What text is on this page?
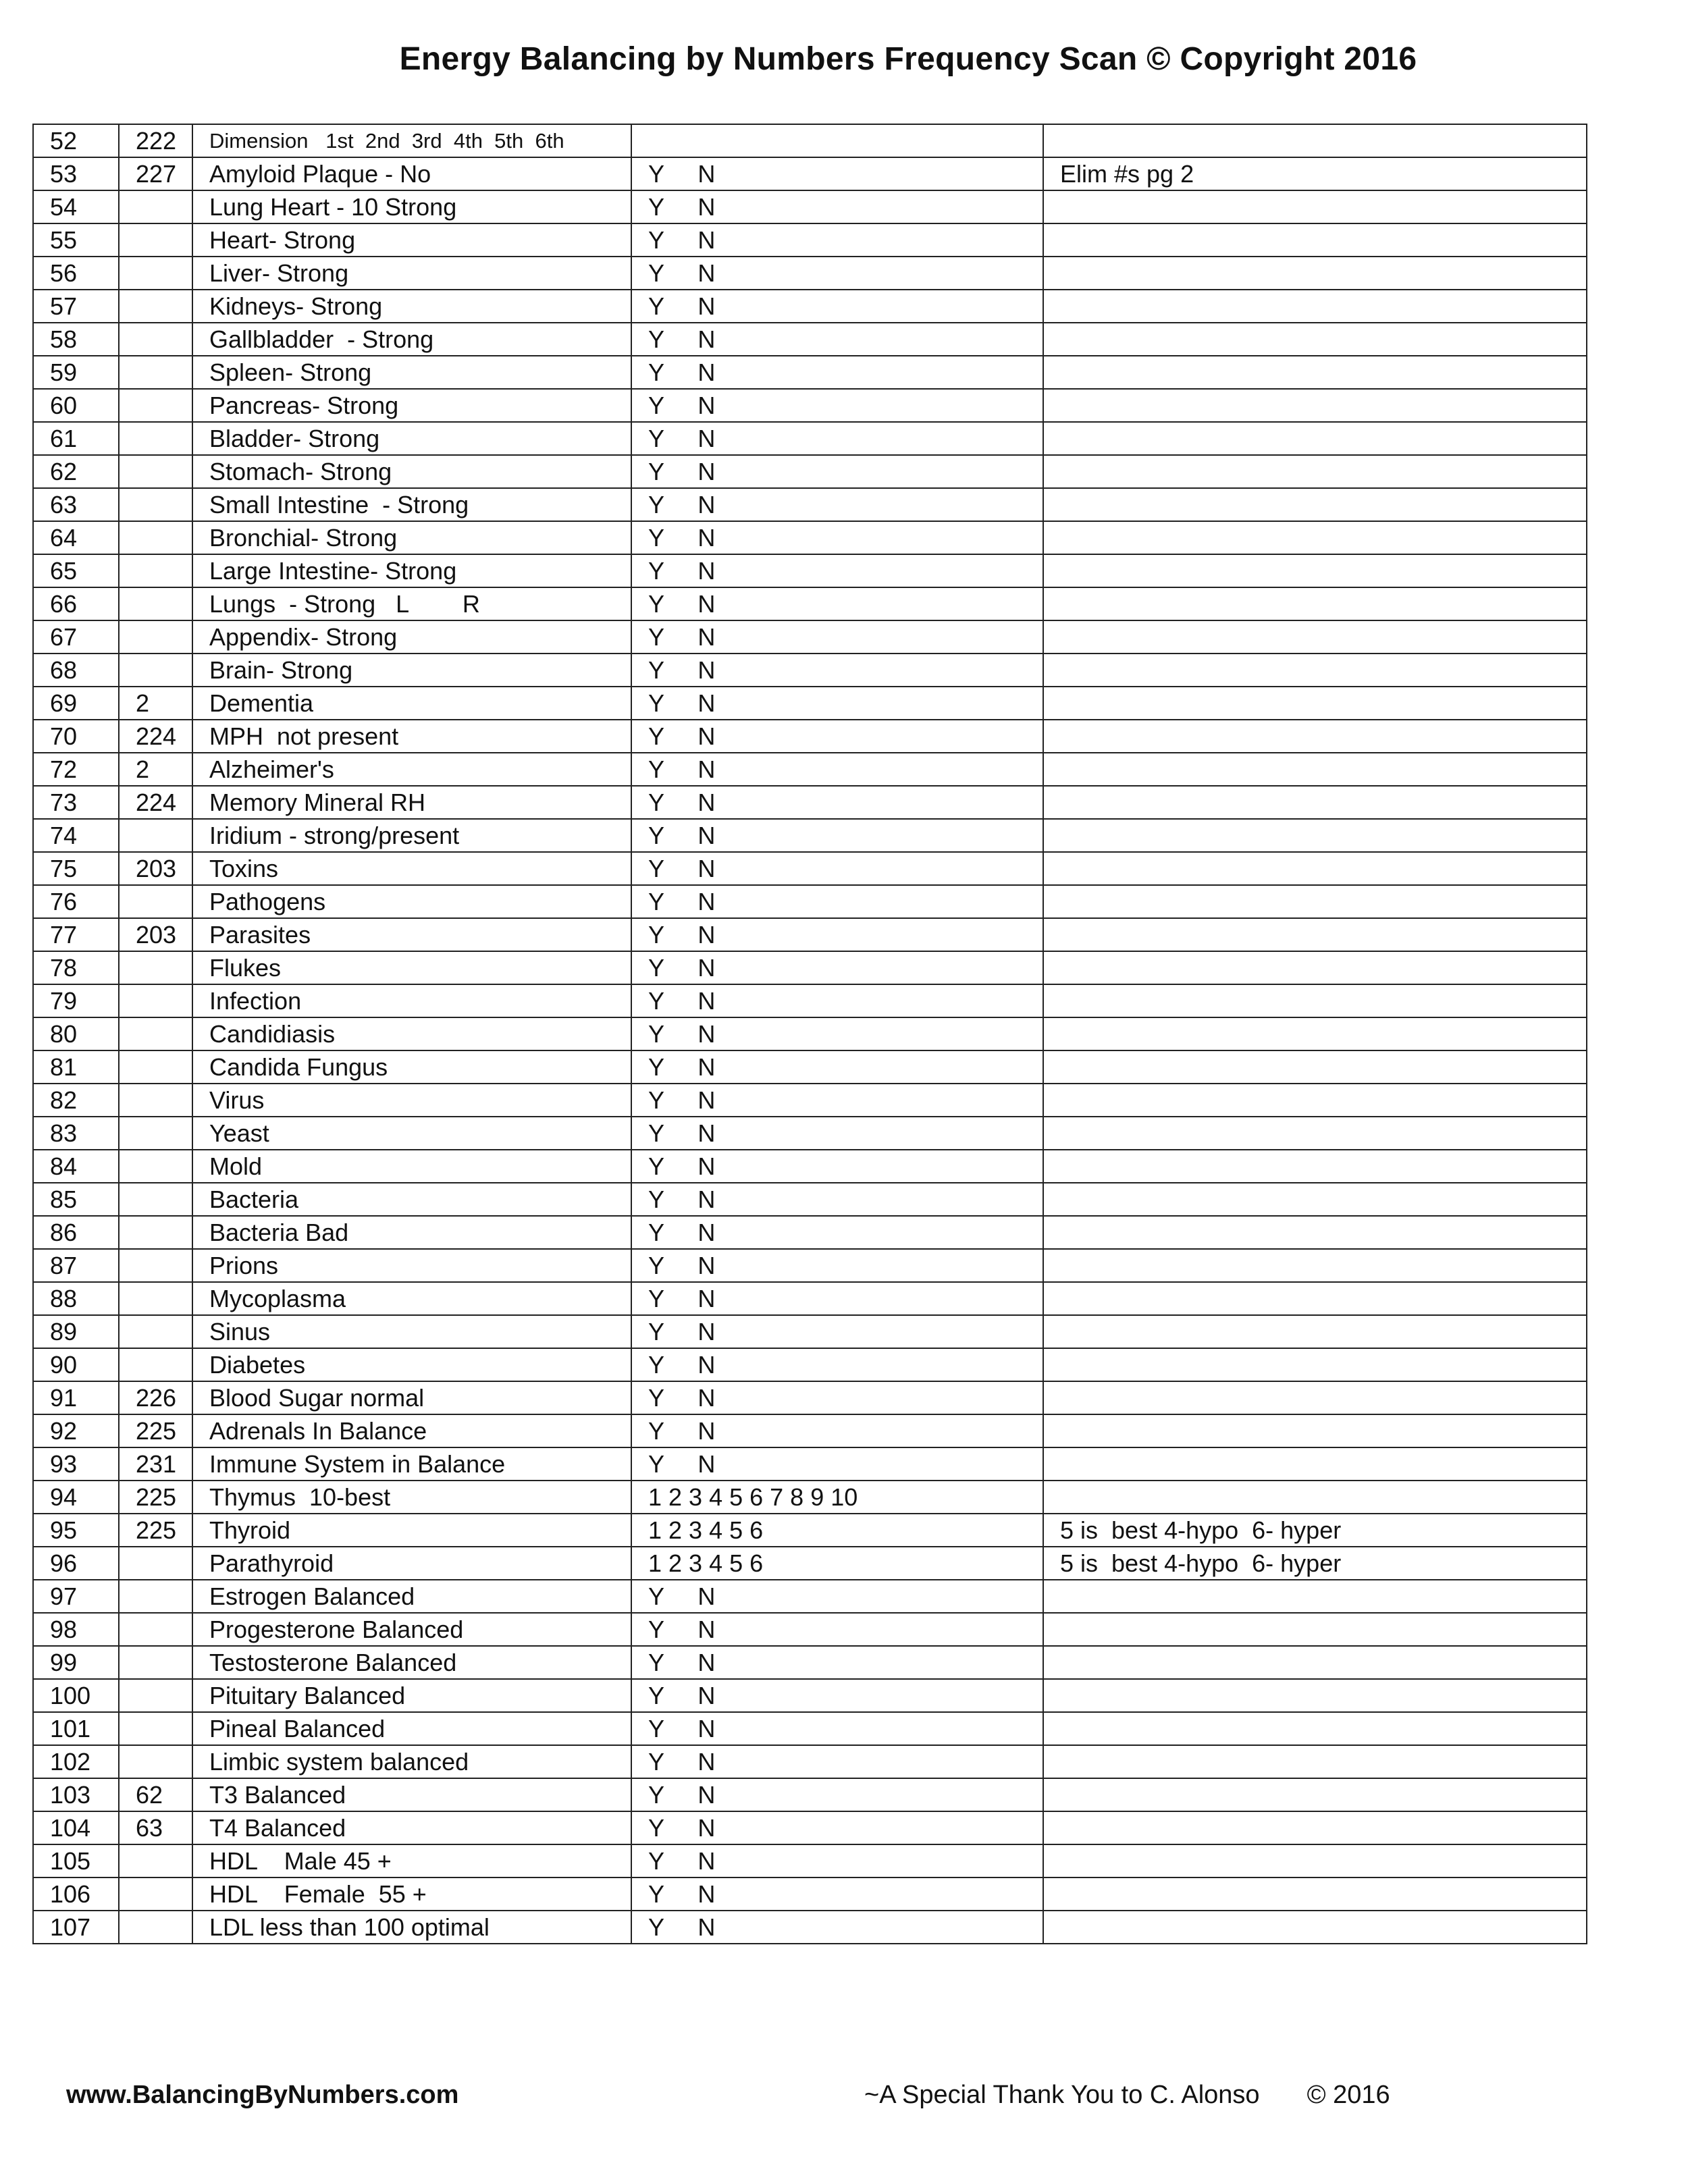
Energy Balancing by Numbers Frequency Scan © Copyright 2016
52	222	Dimension   1st  2nd  3rd  4th  5th  6th		
53	227	Amyloid Plaque - No	Y     N	Elim #s pg 2
54		Lung Heart - 10 Strong	Y     N	
55		Heart- Strong	Y     N	
56		Liver- Strong	Y     N	
57		Kidneys- Strong	Y     N	
58		Gallbladder  - Strong	Y     N	
59		Spleen- Strong	Y     N	
60		Pancreas- Strong	Y     N	
61		Bladder- Strong	Y     N	
62		Stomach- Strong	Y     N	
63		Small Intestine  - Strong	Y     N	
64		Bronchial- Strong	Y     N	
65		Large Intestine- Strong	Y     N	
66		Lungs  - Strong   L        R	Y     N	
67		Appendix- Strong	Y     N	
68		Brain- Strong	Y     N	
69	2	Dementia	Y     N	
70	224	MPH  not present	Y     N	
72	2	Alzheimer's	Y     N	
73	224	Memory Mineral RH	Y     N	
74		Iridium - strong/present	Y     N	
75	203	Toxins	Y     N	
76		Pathogens	Y     N	
77	203	Parasites	Y     N	
78		Flukes	Y     N	
79		Infection	Y     N	
80		Candidiasis	Y     N	
81		Candida Fungus	Y     N	
82		Virus	Y     N	
83		Yeast	Y     N	
84		Mold	Y     N	
85		Bacteria	Y     N	
86		Bacteria Bad	Y     N	
87		Prions	Y     N	
88		Mycoplasma	Y     N	
89		Sinus	Y     N	
90		Diabetes	Y     N	
91	226	Blood Sugar normal	Y     N	
92	225	Adrenals In Balance	Y     N	
93	231	Immune System in Balance	Y     N	
94	225	Thymus  10-best	1 2 3 4 5 6 7 8 9 10	
95	225	Thyroid	1 2 3 4 5 6	5 is  best 4-hypo  6- hyper
96		Parathyroid	1 2 3 4 5 6	5 is  best 4-hypo  6- hyper
97		Estrogen Balanced	Y     N	
98		Progesterone Balanced	Y     N	
99		Testosterone Balanced	Y     N	
100		Pituitary Balanced	Y     N	
101		Pineal Balanced	Y     N	
102		Limbic system balanced	Y     N	
103	62	T3 Balanced	Y     N	
104	63	T4 Balanced	Y     N	
105		HDL    Male 45 +	Y     N	
106		HDL    Female  55 +	Y     N	
107		LDL less than 100 optimal	Y     N	
www.BalancingByNumbers.com	~A Special Thank You to C. Alonso © 2016
